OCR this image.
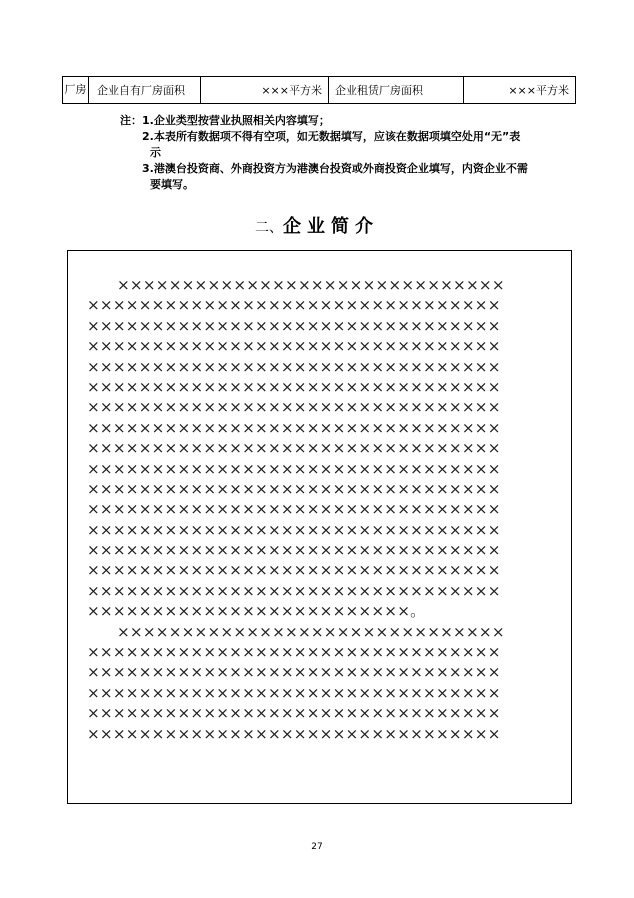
厂房 企业自有厂房面积	×××平方米 企业租赁厂房面积	×××平方米
注： 1.企业类型按营业执照相关内容填写；
2.本表所有数据项不得有空项，如无数据填写，应该在数据项填空处用“无”表
示
3.港澳台投资商、外商投资方为港澳台投资或外商投资企业填写，内资企业不需
要填写。
二、企业简介
××××××××××××××××××××××××××××××
××××××××××××××××××××××××××××××××
××××××××××××××××××××××××××××××××
××××××××××××××××××××××××××××××××
××××××××××××××××××××××××××××××××
××××××××××××××××××××××××××××××××
××××××××××××××××××××××××××××××××
××××××××××××××××××××××××××××××××
××××××××××××××××××××××××××××××××
××××××××××××××××××××××××××××××××
××××××××××××××××××××××××××××××××
××××××××××××××××××××××××××××××××
××××××××××××××××××××××××××××××××
××××××××××××××××××××××××××××××××
××××××××××××××××××××××××××××××××
××××××××××××××××××××××××××××××××
×××××××××××××××××××××××××。
××××××××××××××××××××××××××××××
××××××××××××××××××××××××××××××××
××××××××××××××××××××××××××××××××
××××××××××××××××××××××××××××××××
××××××××××××××××××××××××××××××××
××××××××××××××××××××××××××××××××
27
